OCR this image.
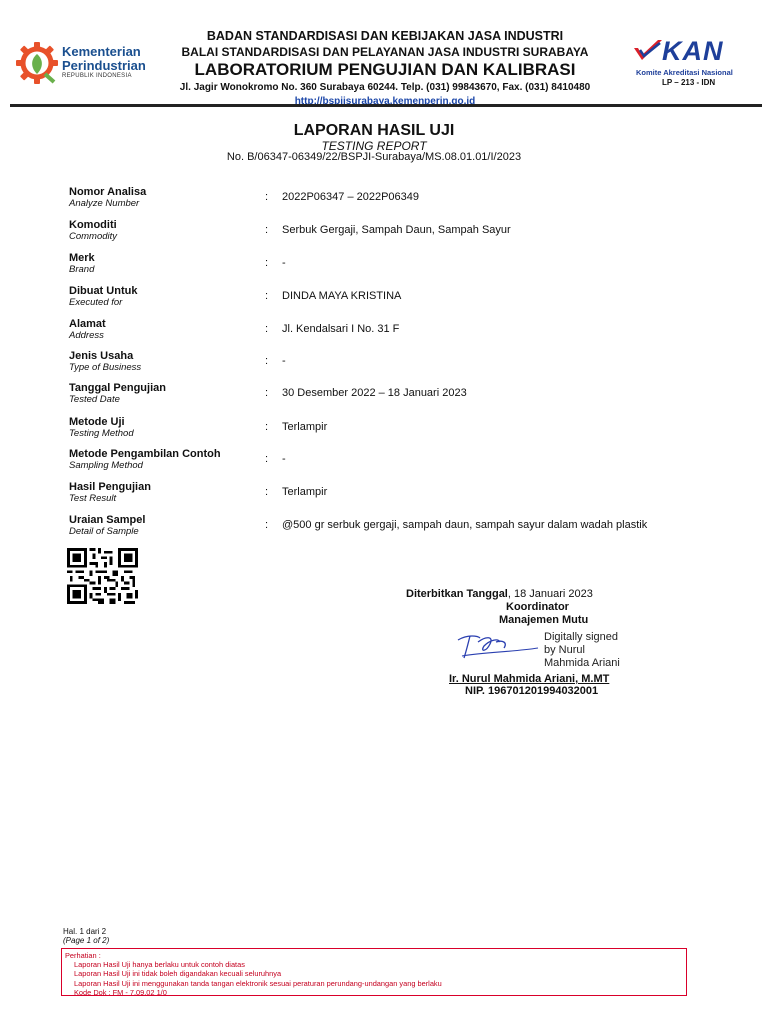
Kementerian
Perindustrian
REPUBLIK INDONESIA
BADAN STANDARDISASI DAN KEBIJAKAN JASA INDUSTRI
BALAI STANDARDISASI DAN PELAYANAN JASA INDUSTRI SURABAYA
LABORATORIUM PENGUJIAN DAN KALIBRASI
Jl. Jagir Wonokromo No. 360 Surabaya 60244. Telp. (031) 99843670, Fax. (031) 8410480
http://bspjisurabaya.kemenperin.go.id
KAN
Komite Akreditasi Nasional
LP – 213 - IDN
LAPORAN HASIL UJI
TESTING REPORT
No. B/06347-06349/22/BSPJI-Surabaya/MS.08.01.01/I/2023
Nomor Analisa
Analyze Number
: 2022P06347 – 2022P06349
Komoditi
Commodity
: Serbuk Gergaji, Sampah Daun, Sampah Sayur
Merk
Brand
: -
Dibuat Untuk
Executed for
: DINDA MAYA KRISTINA
Alamat
Address
: Jl. Kendalsari I No. 31 F
Jenis Usaha
Type of Business
: -
Tanggal Pengujian
Tested Date
: 30 Desember 2022 – 18 Januari 2023
Metode Uji
Testing Method
: Terlampir
Metode Pengambilan Contoh
Sampling Method
: -
Hasil Pengujian
Test Result
: Terlampir
Uraian Sampel
Detail of Sample
: @500 gr serbuk gergaji, sampah daun, sampah sayur dalam wadah plastik
Diterbitkan Tanggal, 18 Januari 2023
Koordinator
Manajemen Mutu
Digitally signed
by Nurul
Mahmida Ariani
Ir. Nurul Mahmida Ariani, M.MT
NIP. 196701201994032001
Hal. 1 dari 2
(Page 1 of 2)
Perhatian :
Laporan Hasil Uji hanya berlaku untuk contoh diatas
Laporan Hasil Uji ini tidak boleh digandakan kecuali seluruhnya
Laporan Hasil Uji ini menggunakan tanda tangan elektronik sesuai peraturan perundang-undangan yang berlaku
Kode Dok : FM - 7.09.02 1/0
